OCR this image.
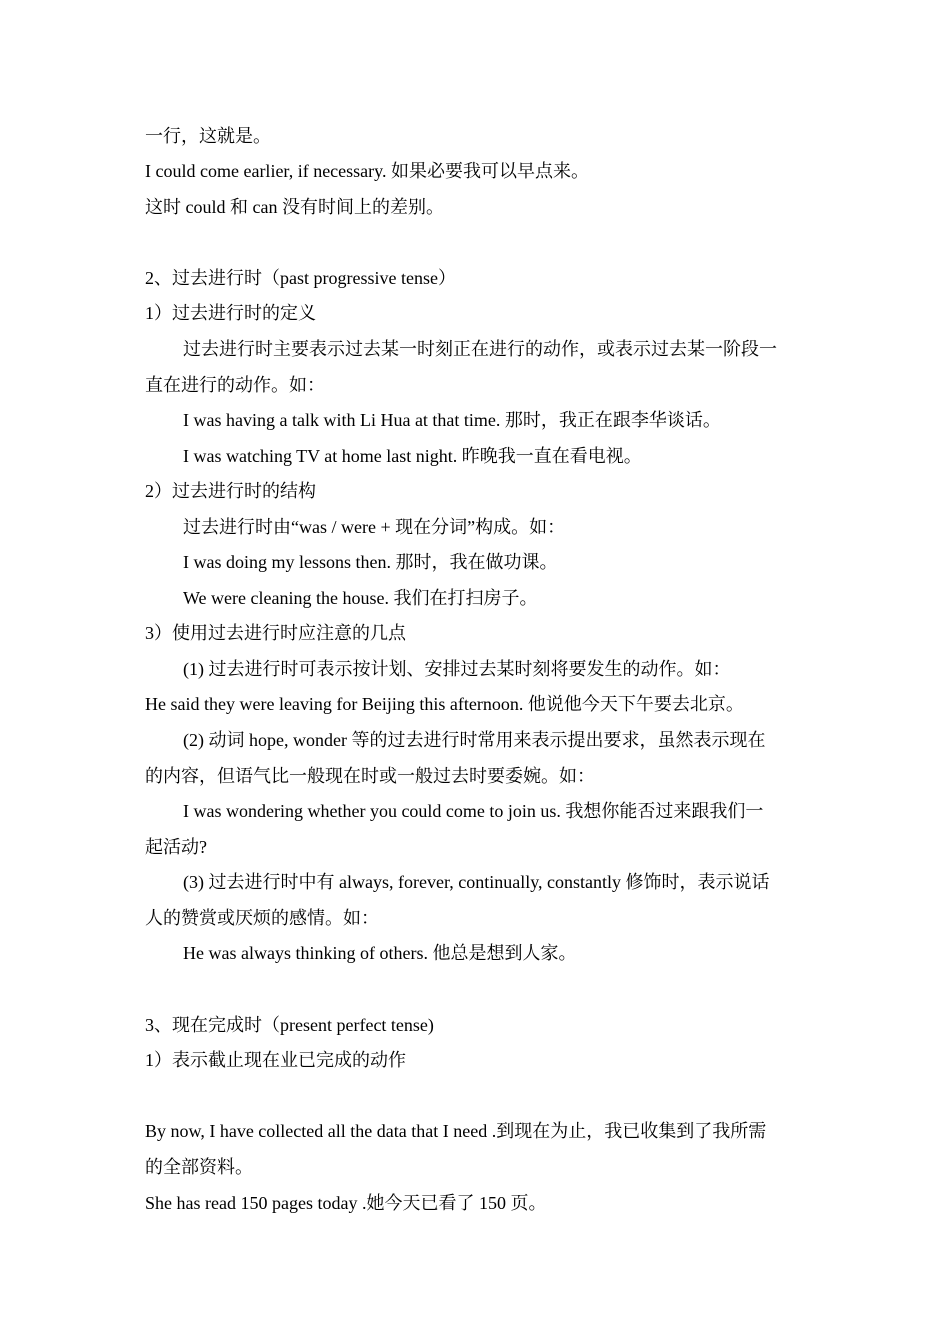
一行，这就是。
I could come earlier, if necessary. 如果必要我可以早点来。
这时 could 和 can 没有时间上的差别。
2、过去进行时（past progressive tense）
1）过去进行时的定义
过去进行时主要表示过去某一时刻正在进行的动作，或表示过去某一阶段一
直在进行的动作。如：
I was having a talk with Li Hua at that time. 那时，我正在跟李华谈话。
I was watching TV at home last night. 昨晚我一直在看电视。
2）过去进行时的结构
过去进行时由“was / were + 现在分词”构成。如：
I was doing my lessons then. 那时，我在做功课。
We were cleaning the house. 我们在打扫房子。
3）使用过去进行时应注意的几点
(1) 过去进行时可表示按计划、安排过去某时刻将要发生的动作。如：
He said they were leaving for Beijing this afternoon. 他说他今天下午要去北京。
(2) 动词 hope, wonder 等的过去进行时常用来表示提出要求，虽然表示现在
的内容，但语气比一般现在时或一般过去时要委婉。如：
I was wondering whether you could come to join us. 我想你能否过来跟我们一
起活动?
(3) 过去进行时中有 always, forever, continually, constantly 修饰时，表示说话
人的赞赏或厌烦的感情。如：
He was always thinking of others. 他总是想到人家。
3、现在完成时（present perfect tense)
1）表示截止现在业已完成的动作
By now, I have collected all the data that I need .到现在为止，我已收集到了我所需
的全部资料。
She has read 150 pages today .她今天已看了 150 页。
